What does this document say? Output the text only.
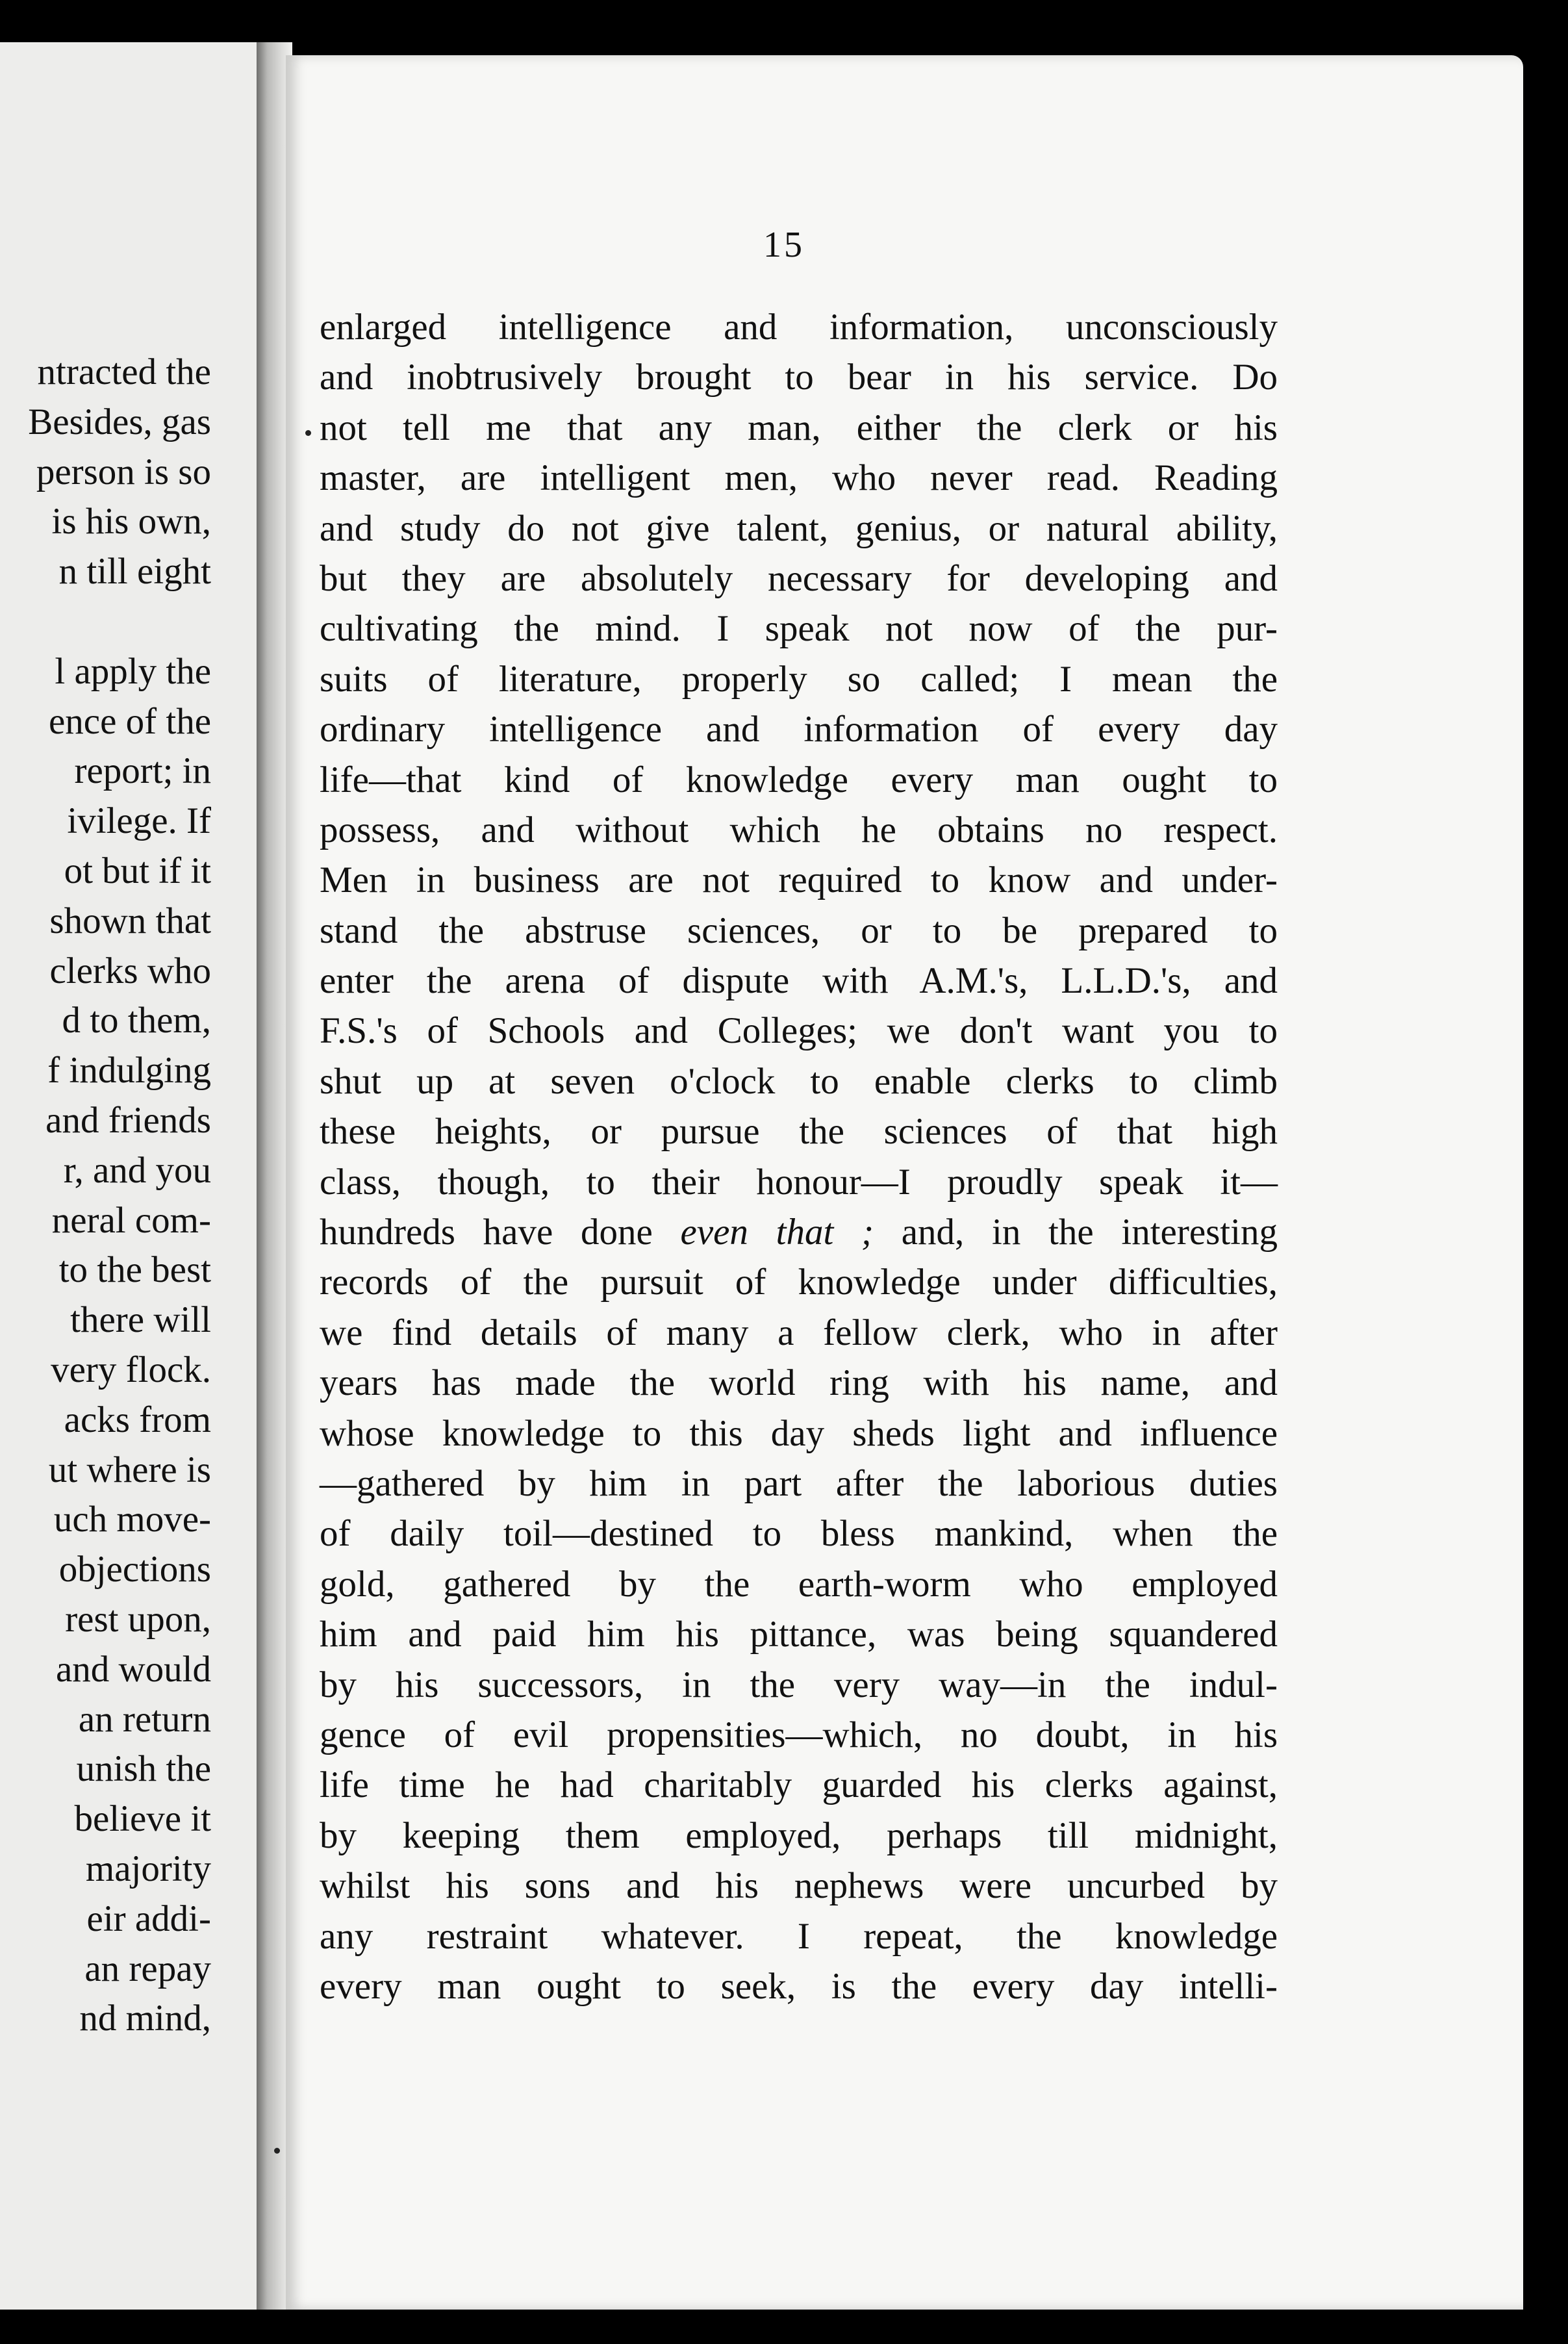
ntracted the
Besides, gas
person is so
is his own,
n till eight
l apply the
ence of the
report; in
ivilege. If
ot but if it
shown that
clerks who
d to them,
f indulging
and friends
r, and you
neral com-
to the best
there will
very flock.
acks from
ut where is
uch move-
objections
rest upon,
and would
an return
unish the
believe it
majority
eir addi-
an repay
nd mind,
15
enlarged intelligence and information, unconsciously
and inobtrusively brought to bear in his service. Do
not tell me that any man, either the clerk or his
master, are intelligent men, who never read. Reading
and study do not give talent, genius, or natural ability,
but they are absolutely necessary for developing and
cultivating the mind. I speak not now of the pur-
suits of literature, properly so called; I mean the
ordinary intelligence and information of every day
life—that kind of knowledge every man ought to
possess, and without which he obtains no respect.
Men in business are not required to know and under-
stand the abstruse sciences, or to be prepared to
enter the arena of dispute with A.M.'s, L.L.D.'s, and
F.S.'s of Schools and Colleges; we don't want you to
shut up at seven o'clock to enable clerks to climb
these heights, or pursue the sciences of that high
class, though, to their honour—I proudly speak it—
hundreds have done even that ; and, in the interesting
records of the pursuit of knowledge under difficulties,
we find details of many a fellow clerk, who in after
years has made the world ring with his name, and
whose knowledge to this day sheds light and influence
—gathered by him in part after the laborious duties
of daily toil—destined to bless mankind, when the
gold, gathered by the earth-worm who employed
him and paid him his pittance, was being squandered
by his successors, in the very way—in the indul-
gence of evil propensities—which, no doubt, in his
life time he had charitably guarded his clerks against,
by keeping them employed, perhaps till midnight,
whilst his sons and his nephews were uncurbed by
any restraint whatever. I repeat, the knowledge
every man ought to seek, is the every day intelli-
